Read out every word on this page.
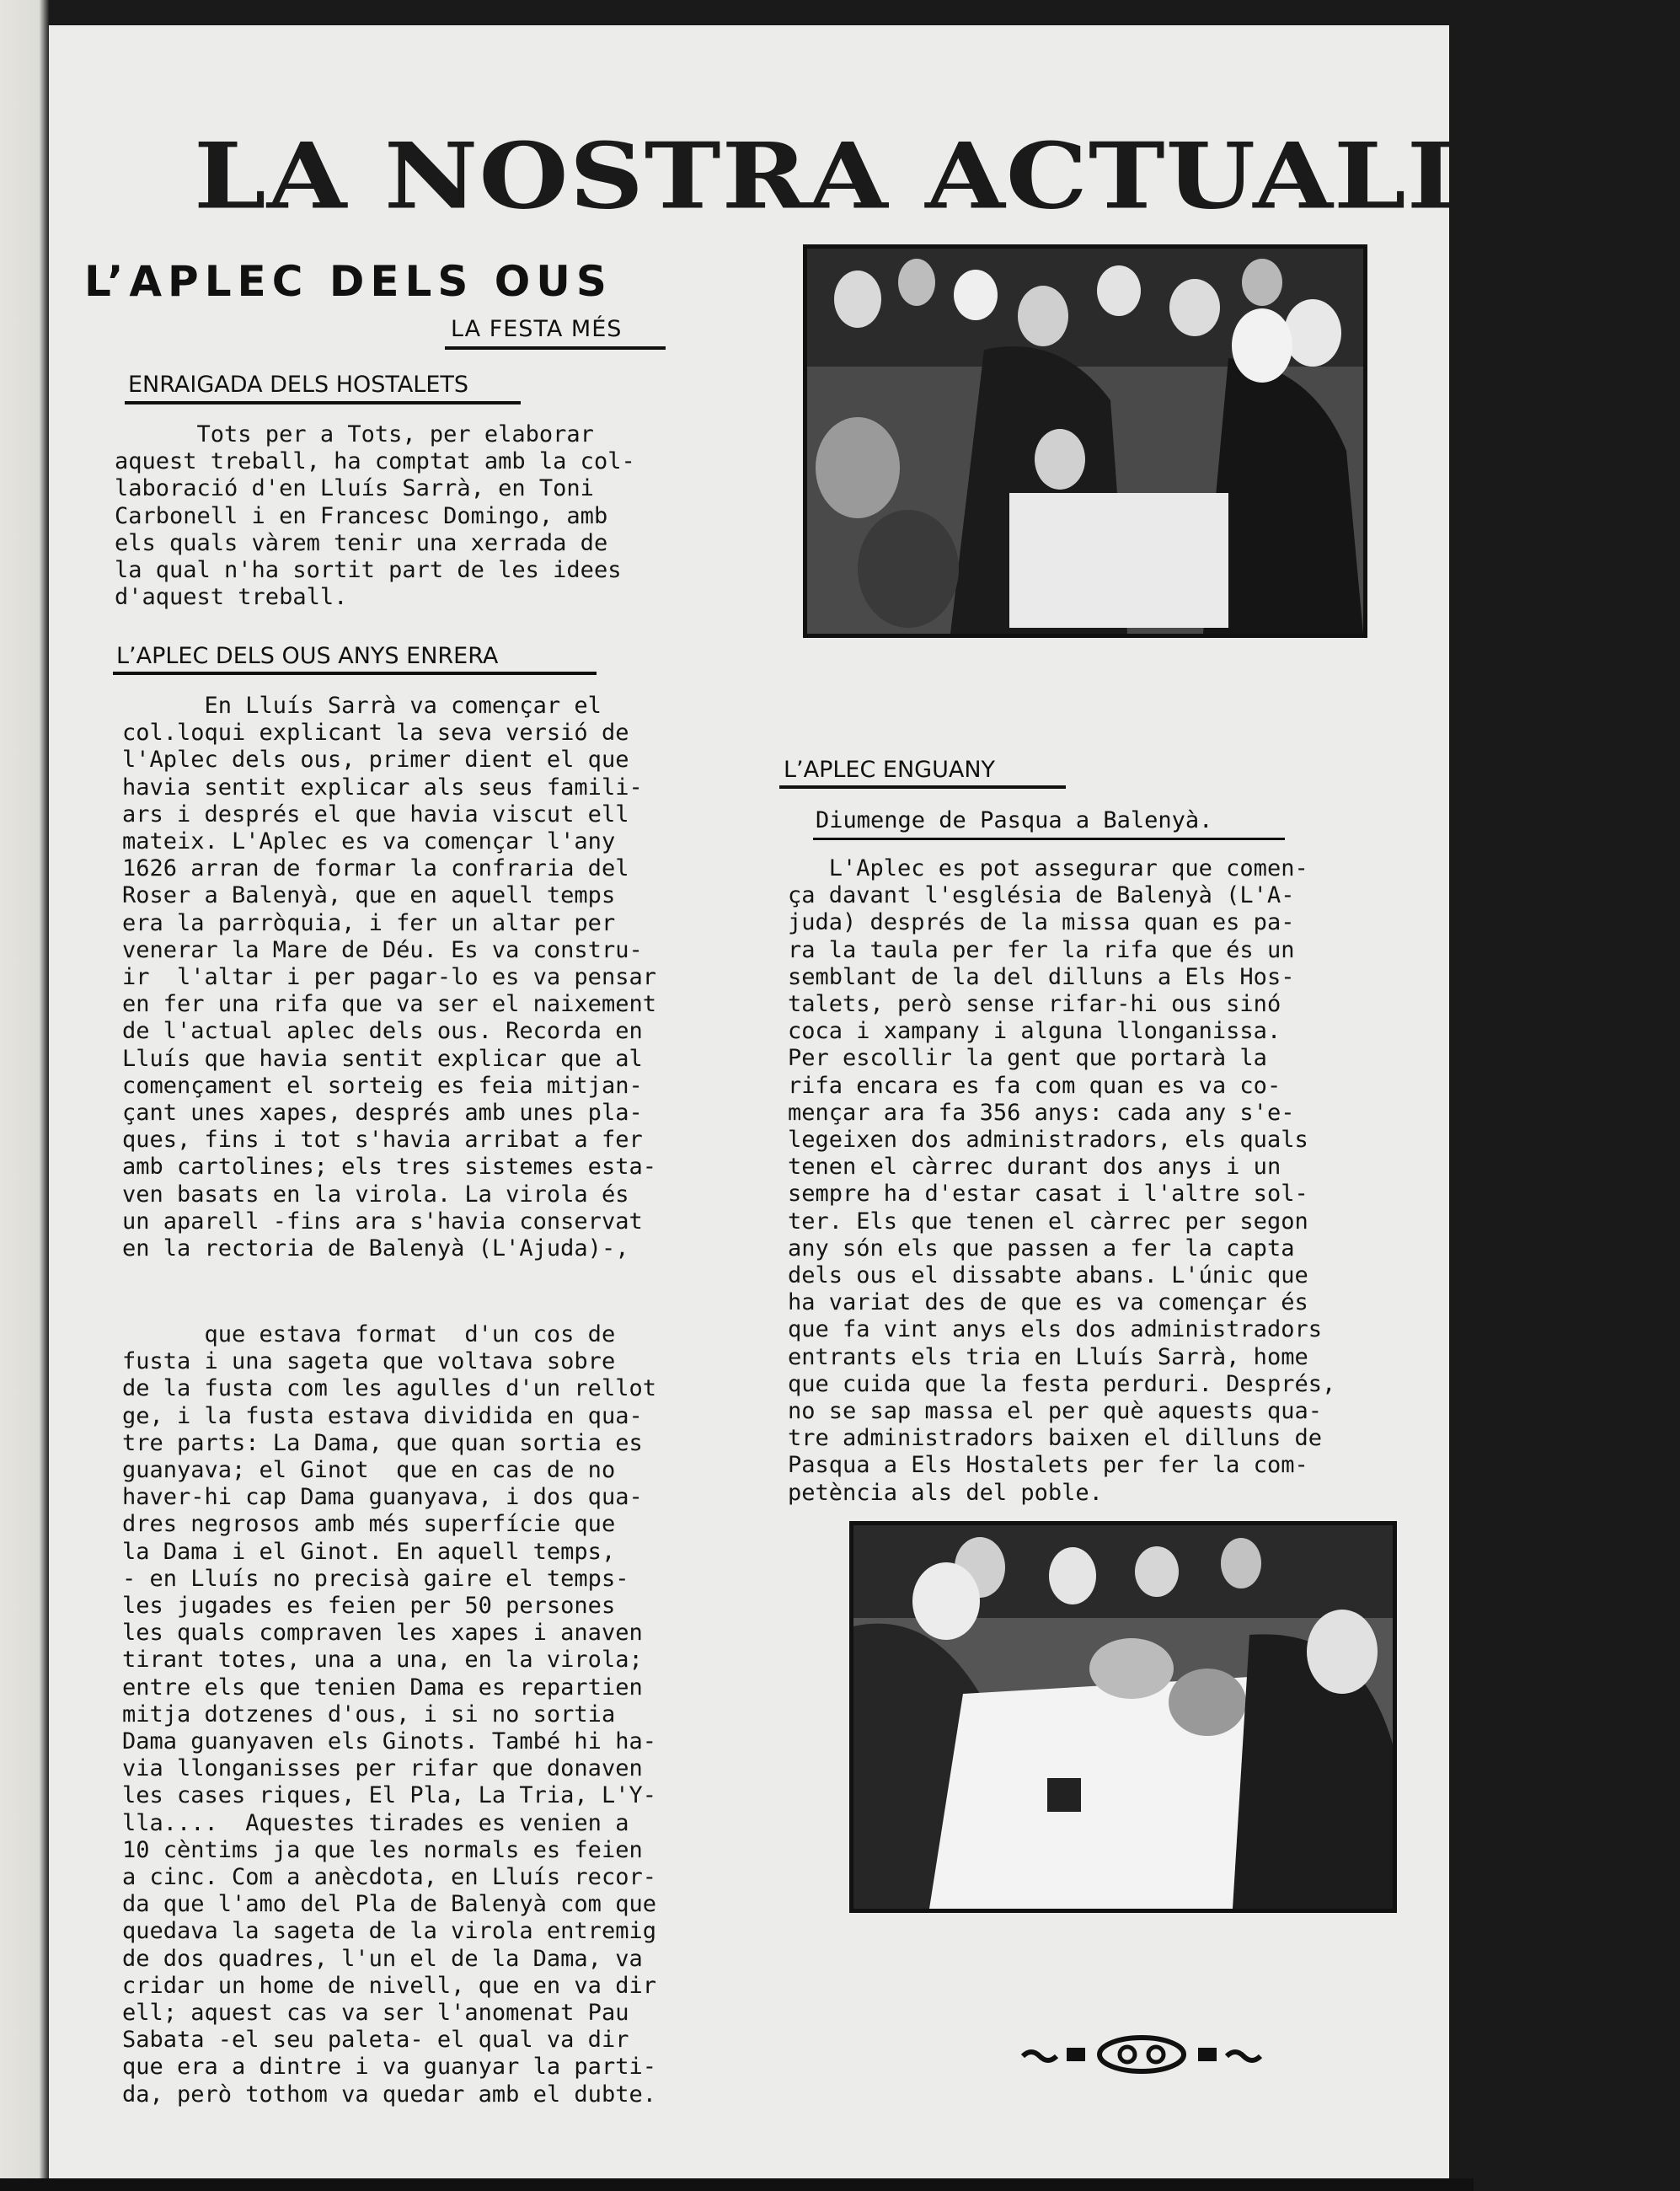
LA NOSTRA ACTUALITAT
L’APLEC DELS OUS
LA FESTA MÉS
ENRAIGADA DELS HOSTALETS
Tots per a Tots, per elaborar
aquest treball, ha comptat amb la col-
laboració d'en Lluís Sarrà, en Toni
Carbonell i en Francesc Domingo, amb
els quals vàrem tenir una xerrada de
la qual n'ha sortit part de les idees
d'aquest treball.
L’APLEC DELS OUS ANYS ENRERA
En Lluís Sarrà va començar el
col.loqui explicant la seva versió de
l'Aplec dels ous, primer dient el que
havia sentit explicar als seus famili-
ars i després el que havia viscut ell
mateix. L'Aplec es va començar l'any
1626 arran de formar la confraria del
Roser a Balenyà, que en aquell temps
era la parròquia, i fer un altar per
venerar la Mare de Déu. Es va constru-
ir  l'altar i per pagar-lo es va pensar
en fer una rifa que va ser el naixement
de l'actual aplec dels ous. Recorda en
Lluís que havia sentit explicar que al
començament el sorteig es feia mitjan-
çant unes xapes, després amb unes pla-
ques, fins i tot s'havia arribat a fer
amb cartolines; els tres sistemes esta-
ven basats en la virola. La virola és
un aparell -fins ara s'havia conservat
en la rectoria de Balenyà (L'Ajuda)-,
que estava format  d'un cos de
fusta i una sageta que voltava sobre
de la fusta com les agulles d'un rellot
ge, i la fusta estava dividida en qua-
tre parts: La Dama, que quan sortia es
guanyava; el Ginot  que en cas de no
haver-hi cap Dama guanyava, i dos qua-
dres negrosos amb més superfície que
la Dama i el Ginot. En aquell temps,
- en Lluís no precisà gaire el temps-
les jugades es feien per 50 persones
les quals compraven les xapes i anaven
tirant totes, una a una, en la virola;
entre els que tenien Dama es repartien
mitja dotzenes d'ous, i si no sortia
Dama guanyaven els Ginots. També hi ha-
via llonganisses per rifar que donaven
les cases riques, El Pla, La Tria, L'Y-
lla....  Aquestes tirades es venien a
10 cèntims ja que les normals es feien
a cinc. Com a anècdota, en Lluís recor-
da que l'amo del Pla de Balenyà com que
quedava la sageta de la virola entremig
de dos quadres, l'un el de la Dama, va
cridar un home de nivell, que en va dir
ell; aquest cas va ser l'anomenat Pau
Sabata -el seu paleta- el qual va dir
que era a dintre i va guanyar la parti-
da, però tothom va quedar amb el dubte.
L’APLEC ENGUANY
Diumenge de Pasqua a Balenyà.
L'Aplec es pot assegurar que comen-
ça davant l'església de Balenyà (L'A-
juda) després de la missa quan es pa-
ra la taula per fer la rifa que és un
semblant de la del dilluns a Els Hos-
talets, però sense rifar-hi ous sinó
coca i xampany i alguna llonganissa.
Per escollir la gent que portarà la
rifa encara es fa com quan es va co-
mençar ara fa 356 anys: cada any s'e-
legeixen dos administradors, els quals
tenen el càrrec durant dos anys i un
sempre ha d'estar casat i l'altre sol-
ter. Els que tenen el càrrec per segon
any són els que passen a fer la capta
dels ous el dissabte abans. L'únic que
ha variat des de que es va començar és
que fa vint anys els dos administradors
entrants els tria en Lluís Sarrà, home
que cuida que la festa perduri. Després,
no se sap massa el per què aquests qua-
tre administradors baixen el dilluns de
Pasqua a Els Hostalets per fer la com-
petència als del poble.
